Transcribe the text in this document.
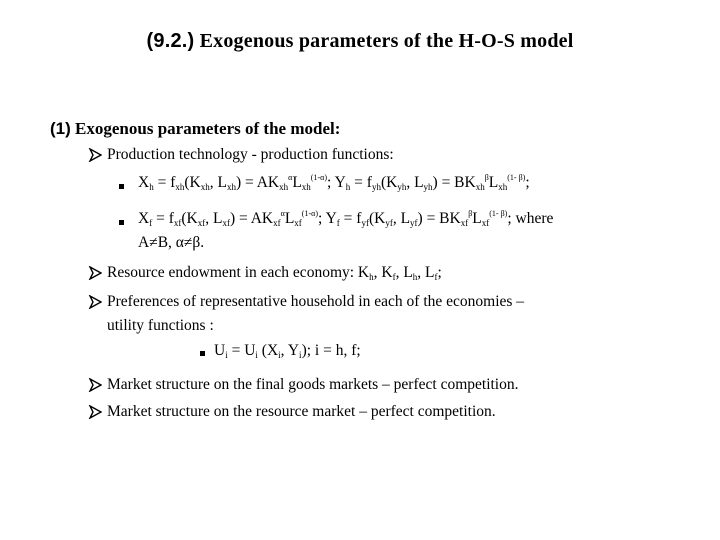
(9.2.) Exogenous parameters of the H-O-S model
(1) Exogenous parameters of the model:
Production technology - production functions:
$X_h = f_{xh}(K_{xh}$, $L_{xh}) = AK_{xh}^\alpha L_{xh}^{(1-\alpha)}$; $Y_h = f_{yh}(K_{yh}$, $L_{yh}) = BK_{xh}^\beta L_{xh}^{(1- \beta)}$;
$X_f = f_{xf}(K_{xf}$, $L_{xf}) = AK_{xf}^\alpha L_{xf}^{(1-\alpha)}$; $Y_f = f_{yf}(K_{yf}$, $L_{yf}) = BK_{xf}^\beta L_{xf}^{(1- \beta)}$; where
A≠B, α≠β.
Resource endowment in each economy: $K_h$, $K_f$, $L_h$, $L_f$;
Preferences of representative household in each of the economies –
utility functions :
$U_i = U_i$ ($X_i$, $Y_i$); i = h, f;
Market structure on the final goods markets – perfect competition.
Market structure on the resource market – perfect competition.
